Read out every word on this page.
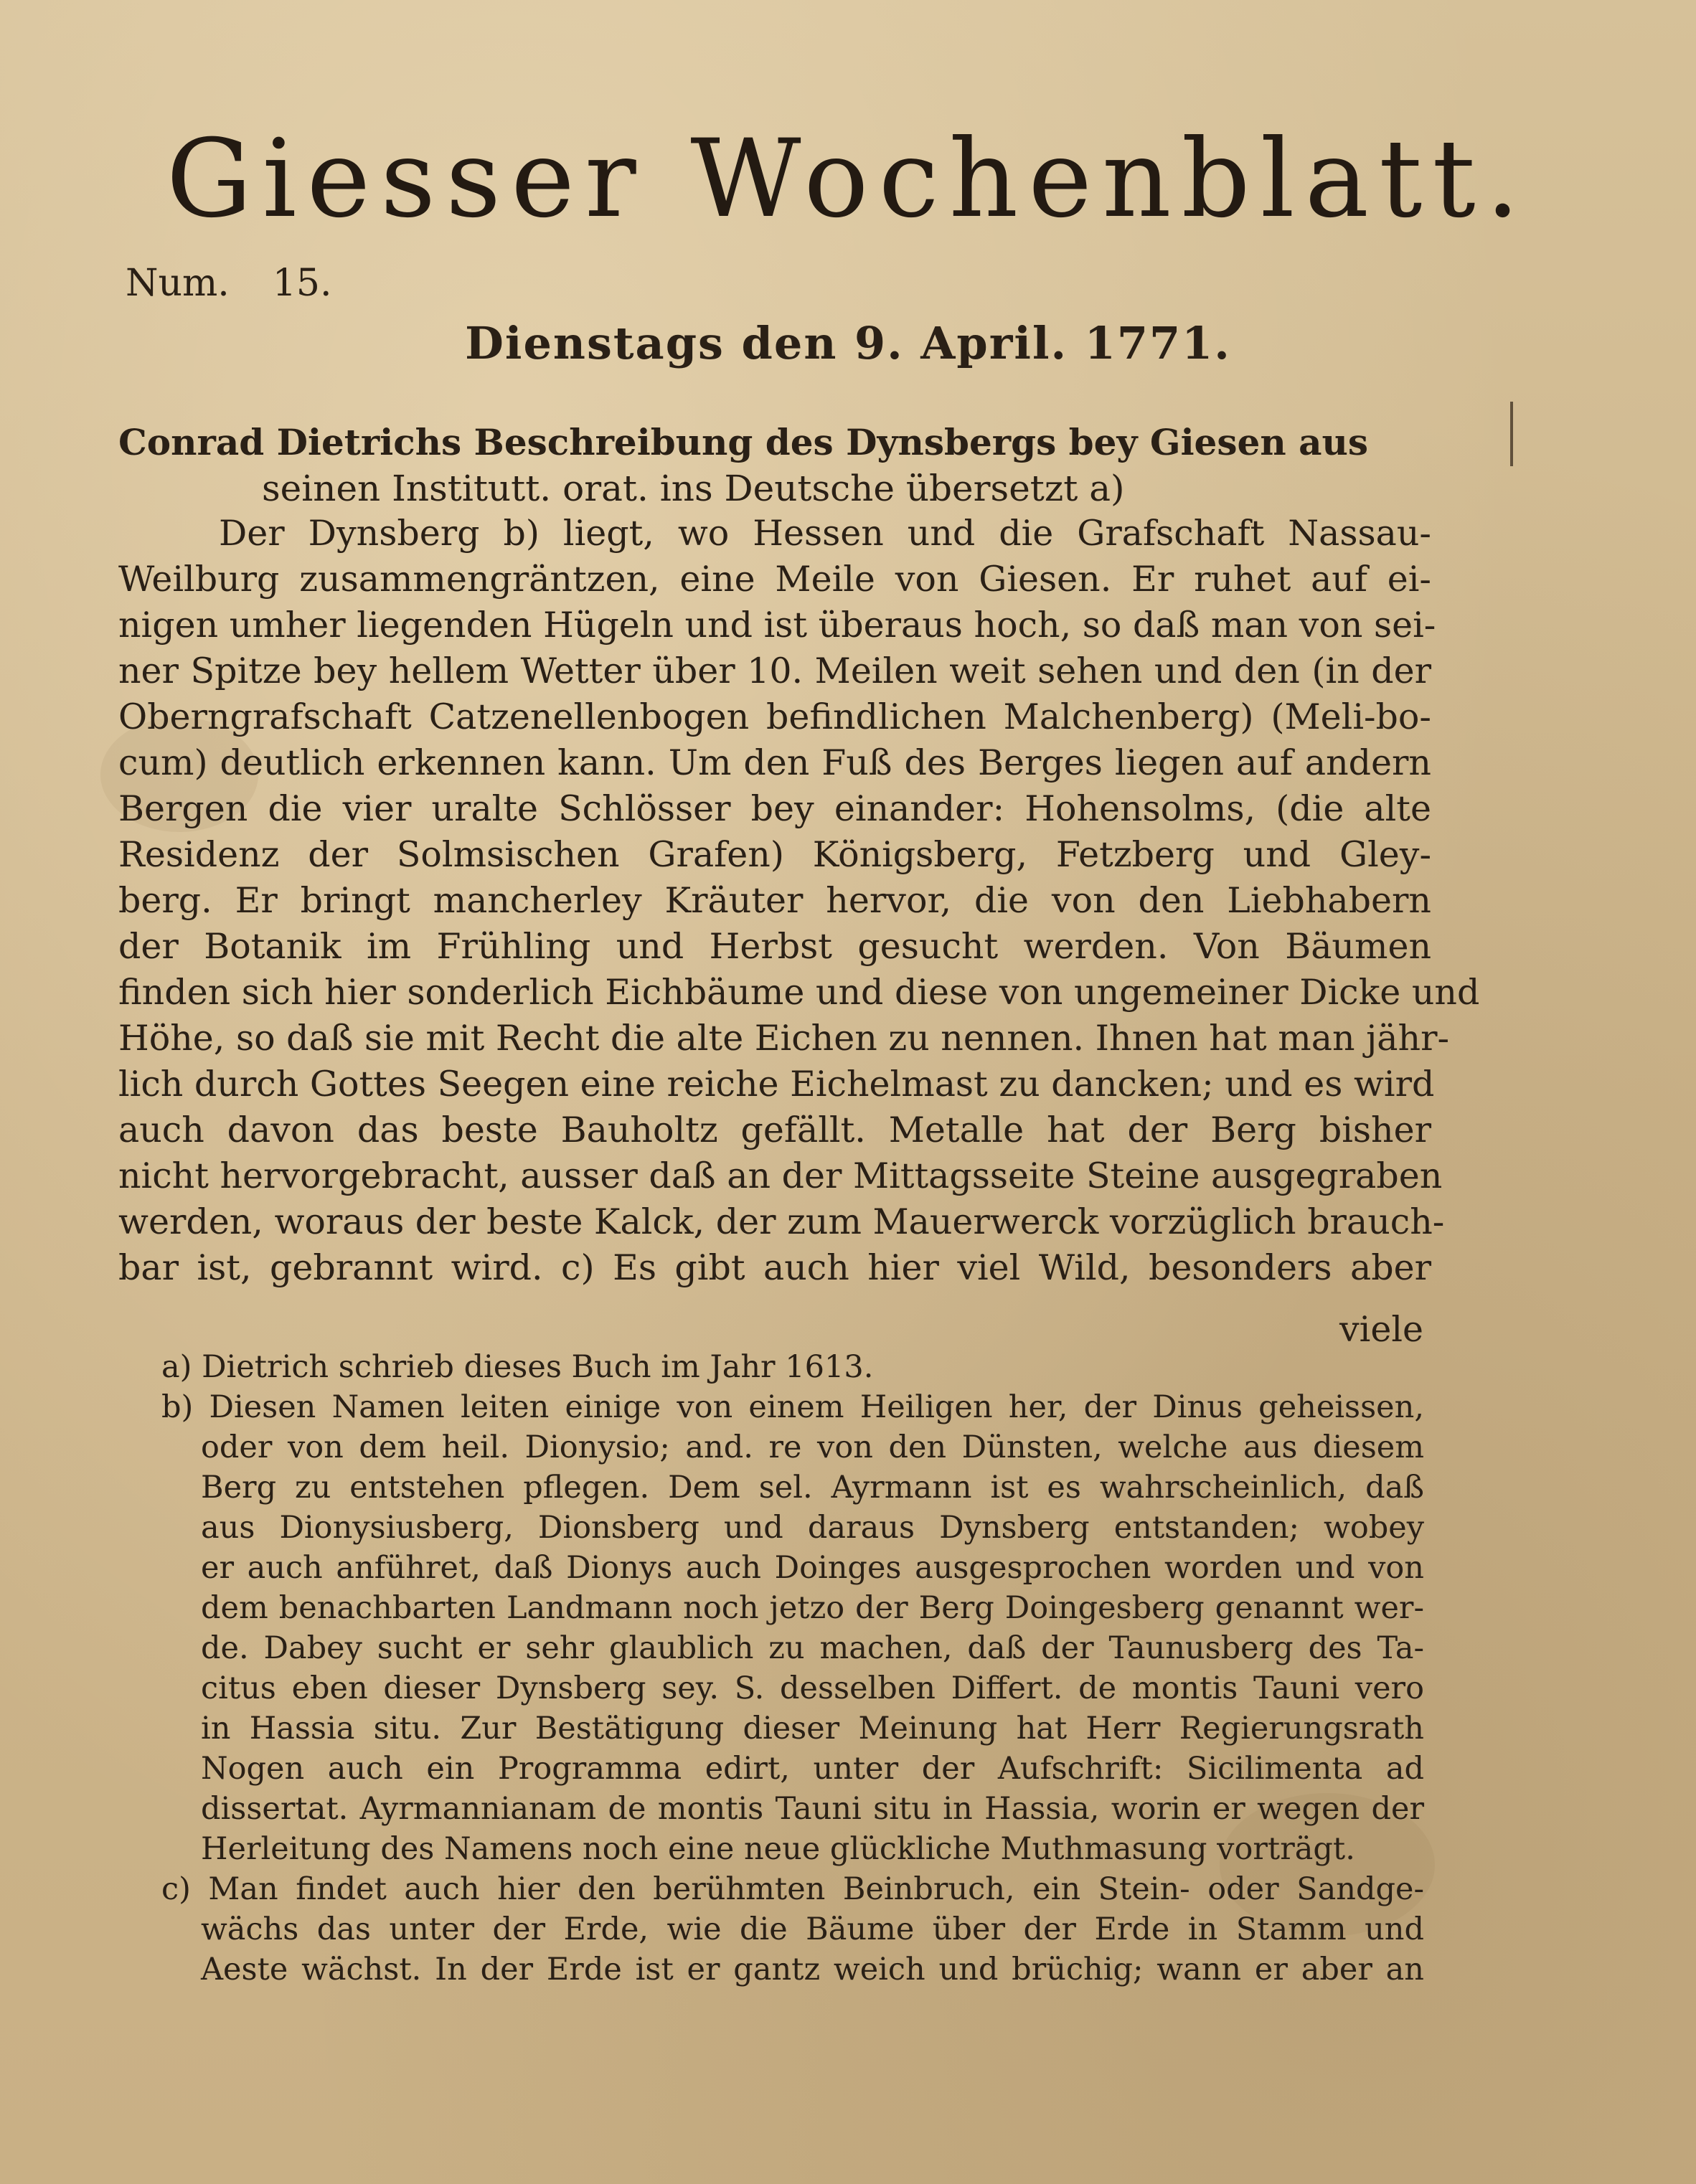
Giesser Wochenblatt.
Num. 15.
Dienstags den 9. April. 1771.
Conrad Dietrichs Beschreibung des Dynsbergs bey Giesen aus
seinen Institutt. orat. ins Deutsche übersetzt a)
Der Dynsberg b) liegt, wo Hessen und die Grafschaft Nassau-
Weilburg zusammengräntzen, eine Meile von Giesen. Er ruhet auf ei-
nigen umher liegenden Hügeln und ist überaus hoch, so daß man von sei-
ner Spitze bey hellem Wetter über 10. Meilen weit sehen und den (in der
Oberngrafschaft Catzenellenbogen befindlichen Malchenberg) (Meli-bo-
cum) deutlich erkennen kann. Um den Fuß des Berges liegen auf andern
Bergen die vier uralte Schlösser bey einander: Hohensolms, (die alte
Residenz der Solmsischen Grafen) Königsberg, Fetzberg und Gley-
berg. Er bringt mancherley Kräuter hervor, die von den Liebhabern
der Botanik im Frühling und Herbst gesucht werden. Von Bäumen
finden sich hier sonderlich Eichbäume und diese von ungemeiner Dicke und
Höhe, so daß sie mit Recht die alte Eichen zu nennen. Ihnen hat man jähr-
lich durch Gottes Seegen eine reiche Eichelmast zu dancken; und es wird
auch davon das beste Bauholtz gefällt. Metalle hat der Berg bisher
nicht hervorgebracht, ausser daß an der Mittagsseite Steine ausgegraben
werden, woraus der beste Kalck, der zum Mauerwerck vorzüglich brauch-
bar ist, gebrannt wird. c) Es gibt auch hier viel Wild, besonders aber
viele
a) Dietrich schrieb dieses Buch im Jahr 1613.
b) Diesen Namen leiten einige von einem Heiligen her, der Dinus geheissen,
oder von dem heil. Dionysio; and. re von den Dünsten, welche aus diesem
Berg zu entstehen pflegen. Dem sel. Ayrmann ist es wahrscheinlich, daß
aus Dionysiusberg, Dionsberg und daraus Dynsberg entstanden; wobey
er auch anführet, daß Dionys auch Doinges ausgesprochen worden und von
dem benachbarten Landmann noch jetzo der Berg Doingesberg genannt wer-
de. Dabey sucht er sehr glaublich zu machen, daß der Taunusberg des Ta-
citus eben dieser Dynsberg sey. S. desselben Differt. de montis Tauni vero
in Hassia situ. Zur Bestätigung dieser Meinung hat Herr Regierungsrath
Nogen auch ein Programma edirt, unter der Aufschrift: Sicilimenta ad
dissertat. Ayrmannianam de montis Tauni situ in Hassia, worin er wegen der
Herleitung des Namens noch eine neue glückliche Muthmasung vorträgt.
c) Man findet auch hier den berühmten Beinbruch, ein Stein- oder Sandge-
wächs das unter der Erde, wie die Bäume über der Erde in Stamm und
Aeste wächst. In der Erde ist er gantz weich und brüchig; wann er aber an
